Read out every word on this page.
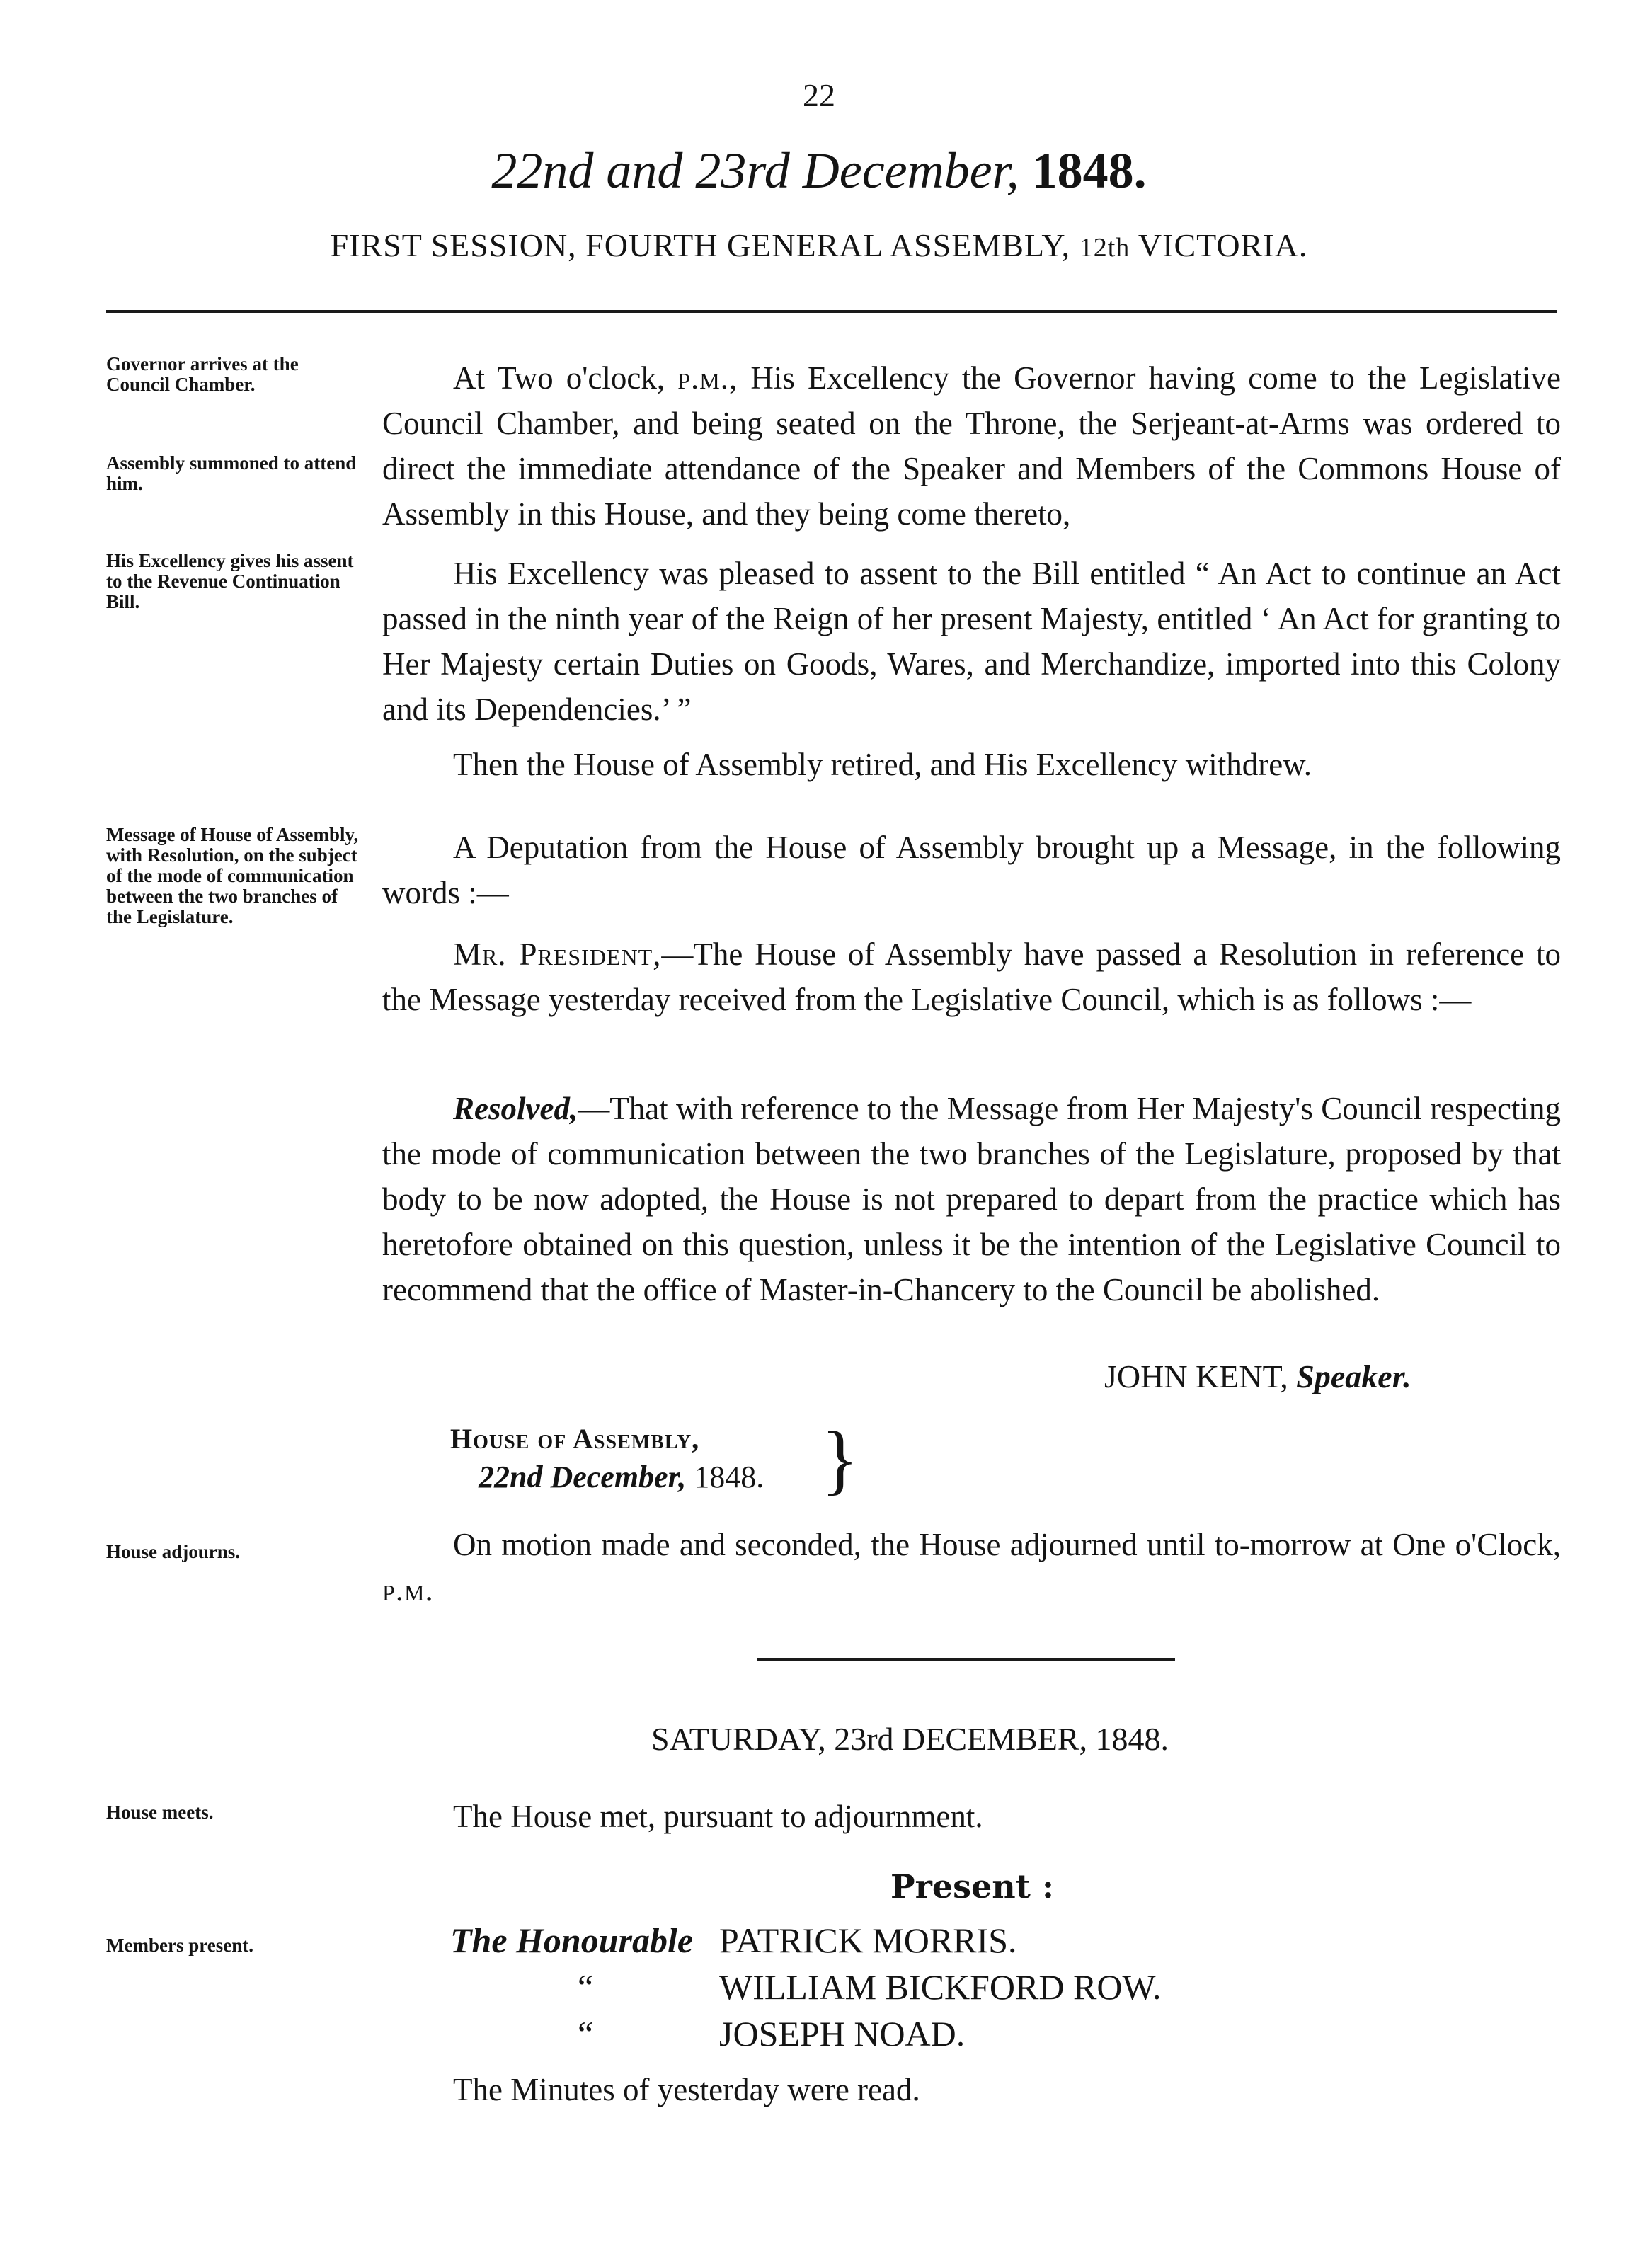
22
22nd and 23rd December, 1848.
FIRST SESSION, FOURTH GENERAL ASSEMBLY, 12th VICTORIA.
Governor arrives at the Council Chamber.
Assembly summoned to attend him.
His Excellency gives his assent to the Revenue Continuation Bill.
Message of House of Assembly, with Resolution, on the subject of the mode of communication between the two branches of the Legislature.
House adjourns.
House meets.
Members present.
At Two o'clock, p.m., His Excellency the Governor having come to the Legislative Council Chamber, and being seated on the Throne, the Serjeant-at-Arms was ordered to direct the immediate attendance of the Speaker and Members of the Commons House of Assembly in this House, and they being come thereto,
His Excellency was pleased to assent to the Bill entitled “ An Act to continue an Act passed in the ninth year of the Reign of her present Majesty, entitled ‘ An Act for granting to Her Majesty certain Duties on Goods, Wares, and Merchandize, imported into this Colony and its Dependencies.’ ”
Then the House of Assembly retired, and His Excellency withdrew.
A Deputation from the House of Assembly brought up a Message, in the following words :—
Mr. President,—The House of Assembly have passed a Resolution in reference to the Message yesterday received from the Legislative Council, which is as follows :—
Resolved,—That with reference to the Message from Her Majesty's Council respecting the mode of communication between the two branches of the Legislature, proposed by that body to be now adopted, the House is not prepared to depart from the practice which has heretofore obtained on this question, unless it be the intention of the Legislative Council to recommend that the office of Master-in-Chancery to the Council be abolished.
JOHN KENT, Speaker.
House of Assembly,
22nd December, 1848. }
On motion made and seconded, the House adjourned until to-morrow at One o'Clock, p.m.
SATURDAY, 23rd DECEMBER, 1848.
The House met, pursuant to adjournment.
Present :
The Honourable PATRICK MORRIS.
“	WILLIAM BICKFORD ROW.
“	JOSEPH NOAD.
The Minutes of yesterday were read.
